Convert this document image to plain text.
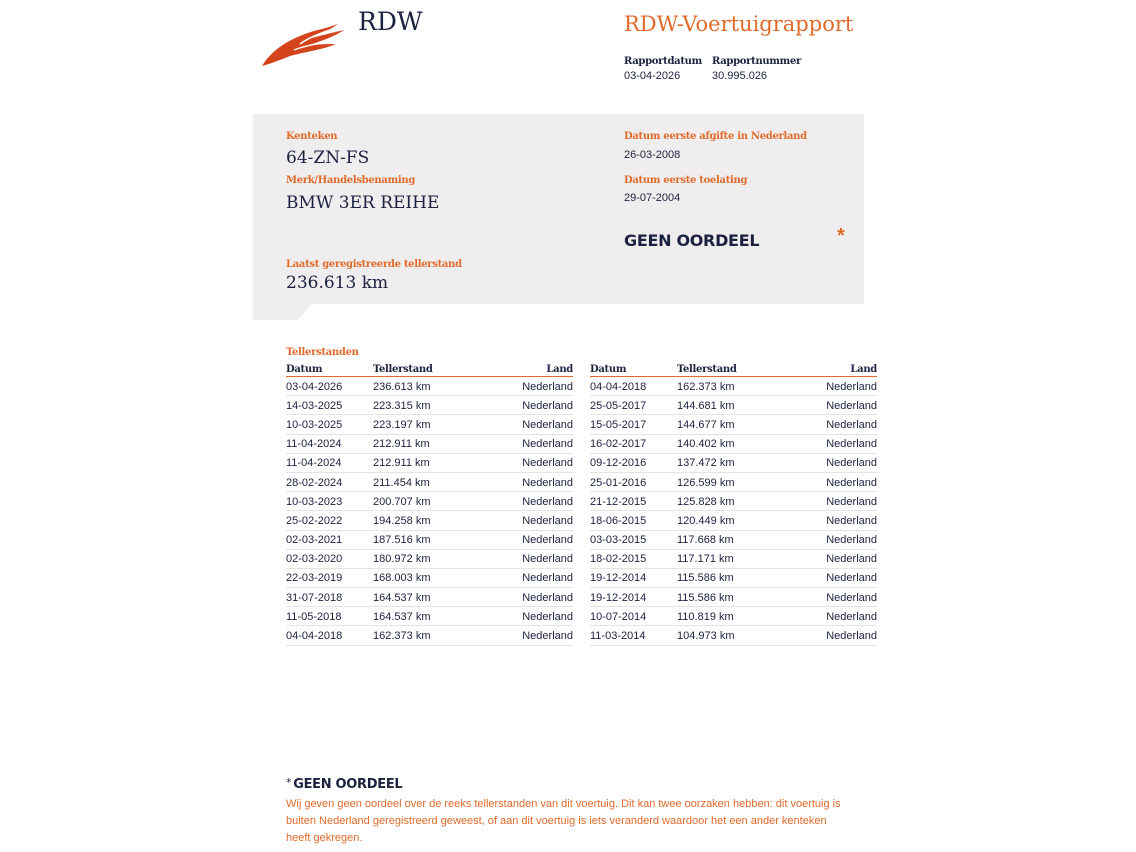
RDW	RDW-Voertuigrapport
Rapportdatum
03-04-2026
Rapportnummer
30.995.026
Kenteken
64-ZN-FS
Merk/Handelsbenaming
BMW 3ER REIHE
Laatst geregistreerde tellerstand
236.613 km
Datum eerste afgifte in Nederland
26-03-2008
Datum eerste toelating
29-07-2004
GEEN OORDEEL	*
Tellerstanden
Datum	Tellerstand	Land
03-04-2026	236.613 km	Nederland
14-03-2025	223.315 km	Nederland
10-03-2025	223.197 km	Nederland
11-04-2024	212.911 km	Nederland
11-04-2024	212.911 km	Nederland
28-02-2024	211.454 km	Nederland
10-03-2023	200.707 km	Nederland
25-02-2022	194.258 km	Nederland
02-03-2021	187.516 km	Nederland
02-03-2020	180.972 km	Nederland
22-03-2019	168.003 km	Nederland
31-07-2018	164.537 km	Nederland
11-05-2018	164.537 km	Nederland
04-04-2018	162.373 km	Nederland
Datum	Tellerstand	Land
04-04-2018	162.373 km	Nederland
25-05-2017	144.681 km	Nederland
15-05-2017	144.677 km	Nederland
16-02-2017	140.402 km	Nederland
09-12-2016	137.472 km	Nederland
25-01-2016	126.599 km	Nederland
21-12-2015	125.828 km	Nederland
18-06-2015	120.449 km	Nederland
03-03-2015	117.668 km	Nederland
18-02-2015	117.171 km	Nederland
19-12-2014	115.586 km	Nederland
19-12-2014	115.586 km	Nederland
10-07-2014	110.819 km	Nederland
11-03-2014	104.973 km	Nederland
* GEEN OORDEEL
Wij geven geen oordeel over de reeks tellerstanden van dit voertuig. Dit kan twee oorzaken hebben: dit voertuig is buiten Nederland geregistreerd geweest, of aan dit voertuig is iets veranderd waardoor het een ander kenteken heeft gekregen.
